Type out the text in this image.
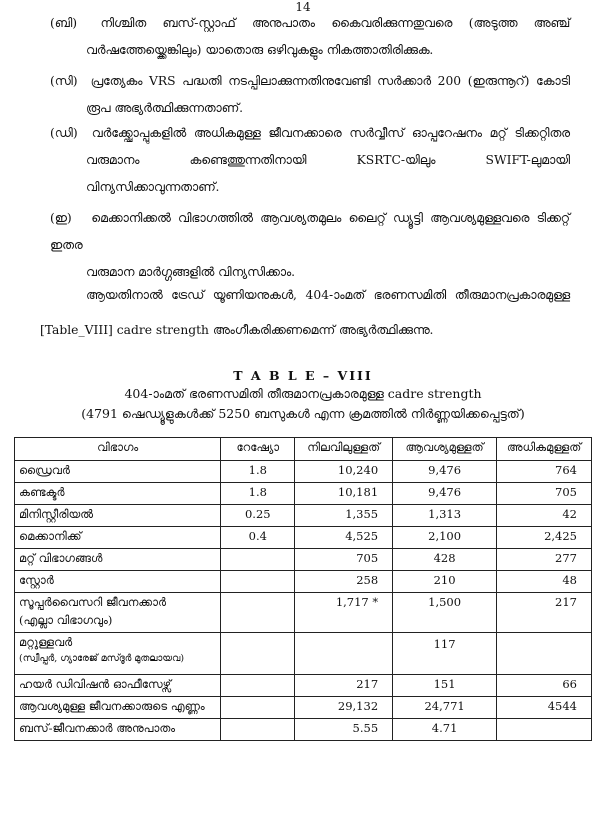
14
(ബി) നിശ്ചിത ബസ്-സ്റ്റാഫ് അനുപാതം കൈവരിക്കുന്നതുവരെ (അടുത്ത അഞ്ച്
വർഷത്തേയ്ക്കെങ്കിലും) യാതൊരു ഒഴിവുകളും നികത്താതിരിക്കുക.
(സി) പ്രത്യേകം VRS പദ്ധതി നടപ്പിലാക്കുന്നതിനുവേണ്ടി സർക്കാർ 200 (ഇരുന്നൂറ്) കോടി
രൂപ അഭ്യർത്ഥിക്കുന്നതാണ്.
(ഡി) വർക്ക്ഷോപ്പുകളിൽ അധികമുള്ള ജീവനക്കാരെ സർവ്വീസ് ഓപ്പറേഷനം മറ്റ് ടിക്കറ്റിതര
വരുമാനം കണ്ടെത്തുന്നതിനായി KSRTC-യിലും SWIFT-ലുമായി
വിന്യസിക്കാവുന്നതാണ്.
(ഇ) മെക്കാനിക്കൽ വിഭാഗത്തിൽ ആവശ്യതമുലം ലൈറ്റ് ഡ്യൂട്ടി ആവശ്യമുള്ളവരെ ടിക്കറ്റ് ഇതര
വരുമാന മാർഗ്ഗങ്ങളിൽ വിന്യസിക്കാം.
ആയതിനാൽ ട്രേഡ് യൂണിയനുകൾ, 404-ാംമത് ഭരണസമിതി തീരുമാനപ്രകാരമുള്ള
[Table_VIII] cadre strength അംഗീകരിക്കണമെന്ന് അഭ്യർത്ഥിക്കുന്നു.
T A B L E – VIII
404-ാംമത് ഭരണസമിതി തീരുമാനപ്രകാരമുള്ള cadre strength
(4791 ഷെഡ്യൂളുകൾക്ക് 5250 ബസുകൾ എന്ന ക്രമത്തിൽ നിർണ്ണയിക്കപ്പെട്ടത്)
വിഭാഗം	റേഷ്യോ	നിലവിലുള്ളത്	ആവശ്യമുള്ളത്	അധികമുള്ളത്
ഡ്രൈവർ	1.8	10,240	9,476	764
കണ്ടക്ടർ	1.8	10,181	9,476	705
മിനിസ്റ്റീരിയൽ	0.25	1,355	1,313	42
മെക്കാനിക്ക്	0.4	4,525	2,100	2,425
മറ്റ് വിഭാഗങ്ങൾ		705	428	277
സ്റ്റോർ		258	210	48
സൂപ്പർവൈസറി ജീവനക്കാർ
(എല്ലാ വിഭാഗവും)		1,717 *	1,500	217
മറ്റുള്ളവർ
(സ്വീപ്പർ, ഗ്യാരേജ് മസ്ദൂർ മുതലായവ)			117	
ഹയർ ഡിവിഷൻ ഓഫീസേഴ്സ്		217	151	66
ആവശ്യമുള്ള ജീവനക്കാരുടെ എണ്ണം		29,132	24,771	4544
ബസ്-ജീവനക്കാർ അനുപാതം		5.55	4.71	
